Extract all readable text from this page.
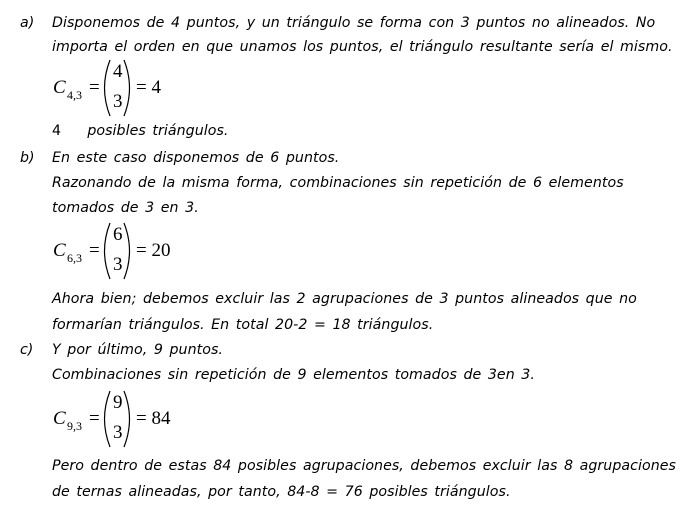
a) Disponemos de 4 puntos, y un triángulo se forma con 3 puntos no alineados. No
importa el orden en que unamos los puntos, el triángulo resultante sería el mismo.
C 4,3 =
4
3
= 4
4 posibles triángulos.
b) En este caso disponemos de 6 puntos.
Razonando de la misma forma, combinaciones sin repetición de 6 elementos
tomados de 3 en 3.
C 6,3 =
6
3
= 20
Ahora bien; debemos excluir las 2 agrupaciones de 3 puntos alineados que no
formarían triángulos. En total 20-2 = 18 triángulos.
c) Y por último, 9 puntos.
Combinaciones sin repetición de 9 elementos tomados de 3en 3.
C 9,3 =
9
3
= 84
Pero dentro de estas 84 posibles agrupaciones, debemos excluir las 8 agrupaciones
de ternas alineadas, por tanto, 84-8 = 76 posibles triángulos.
